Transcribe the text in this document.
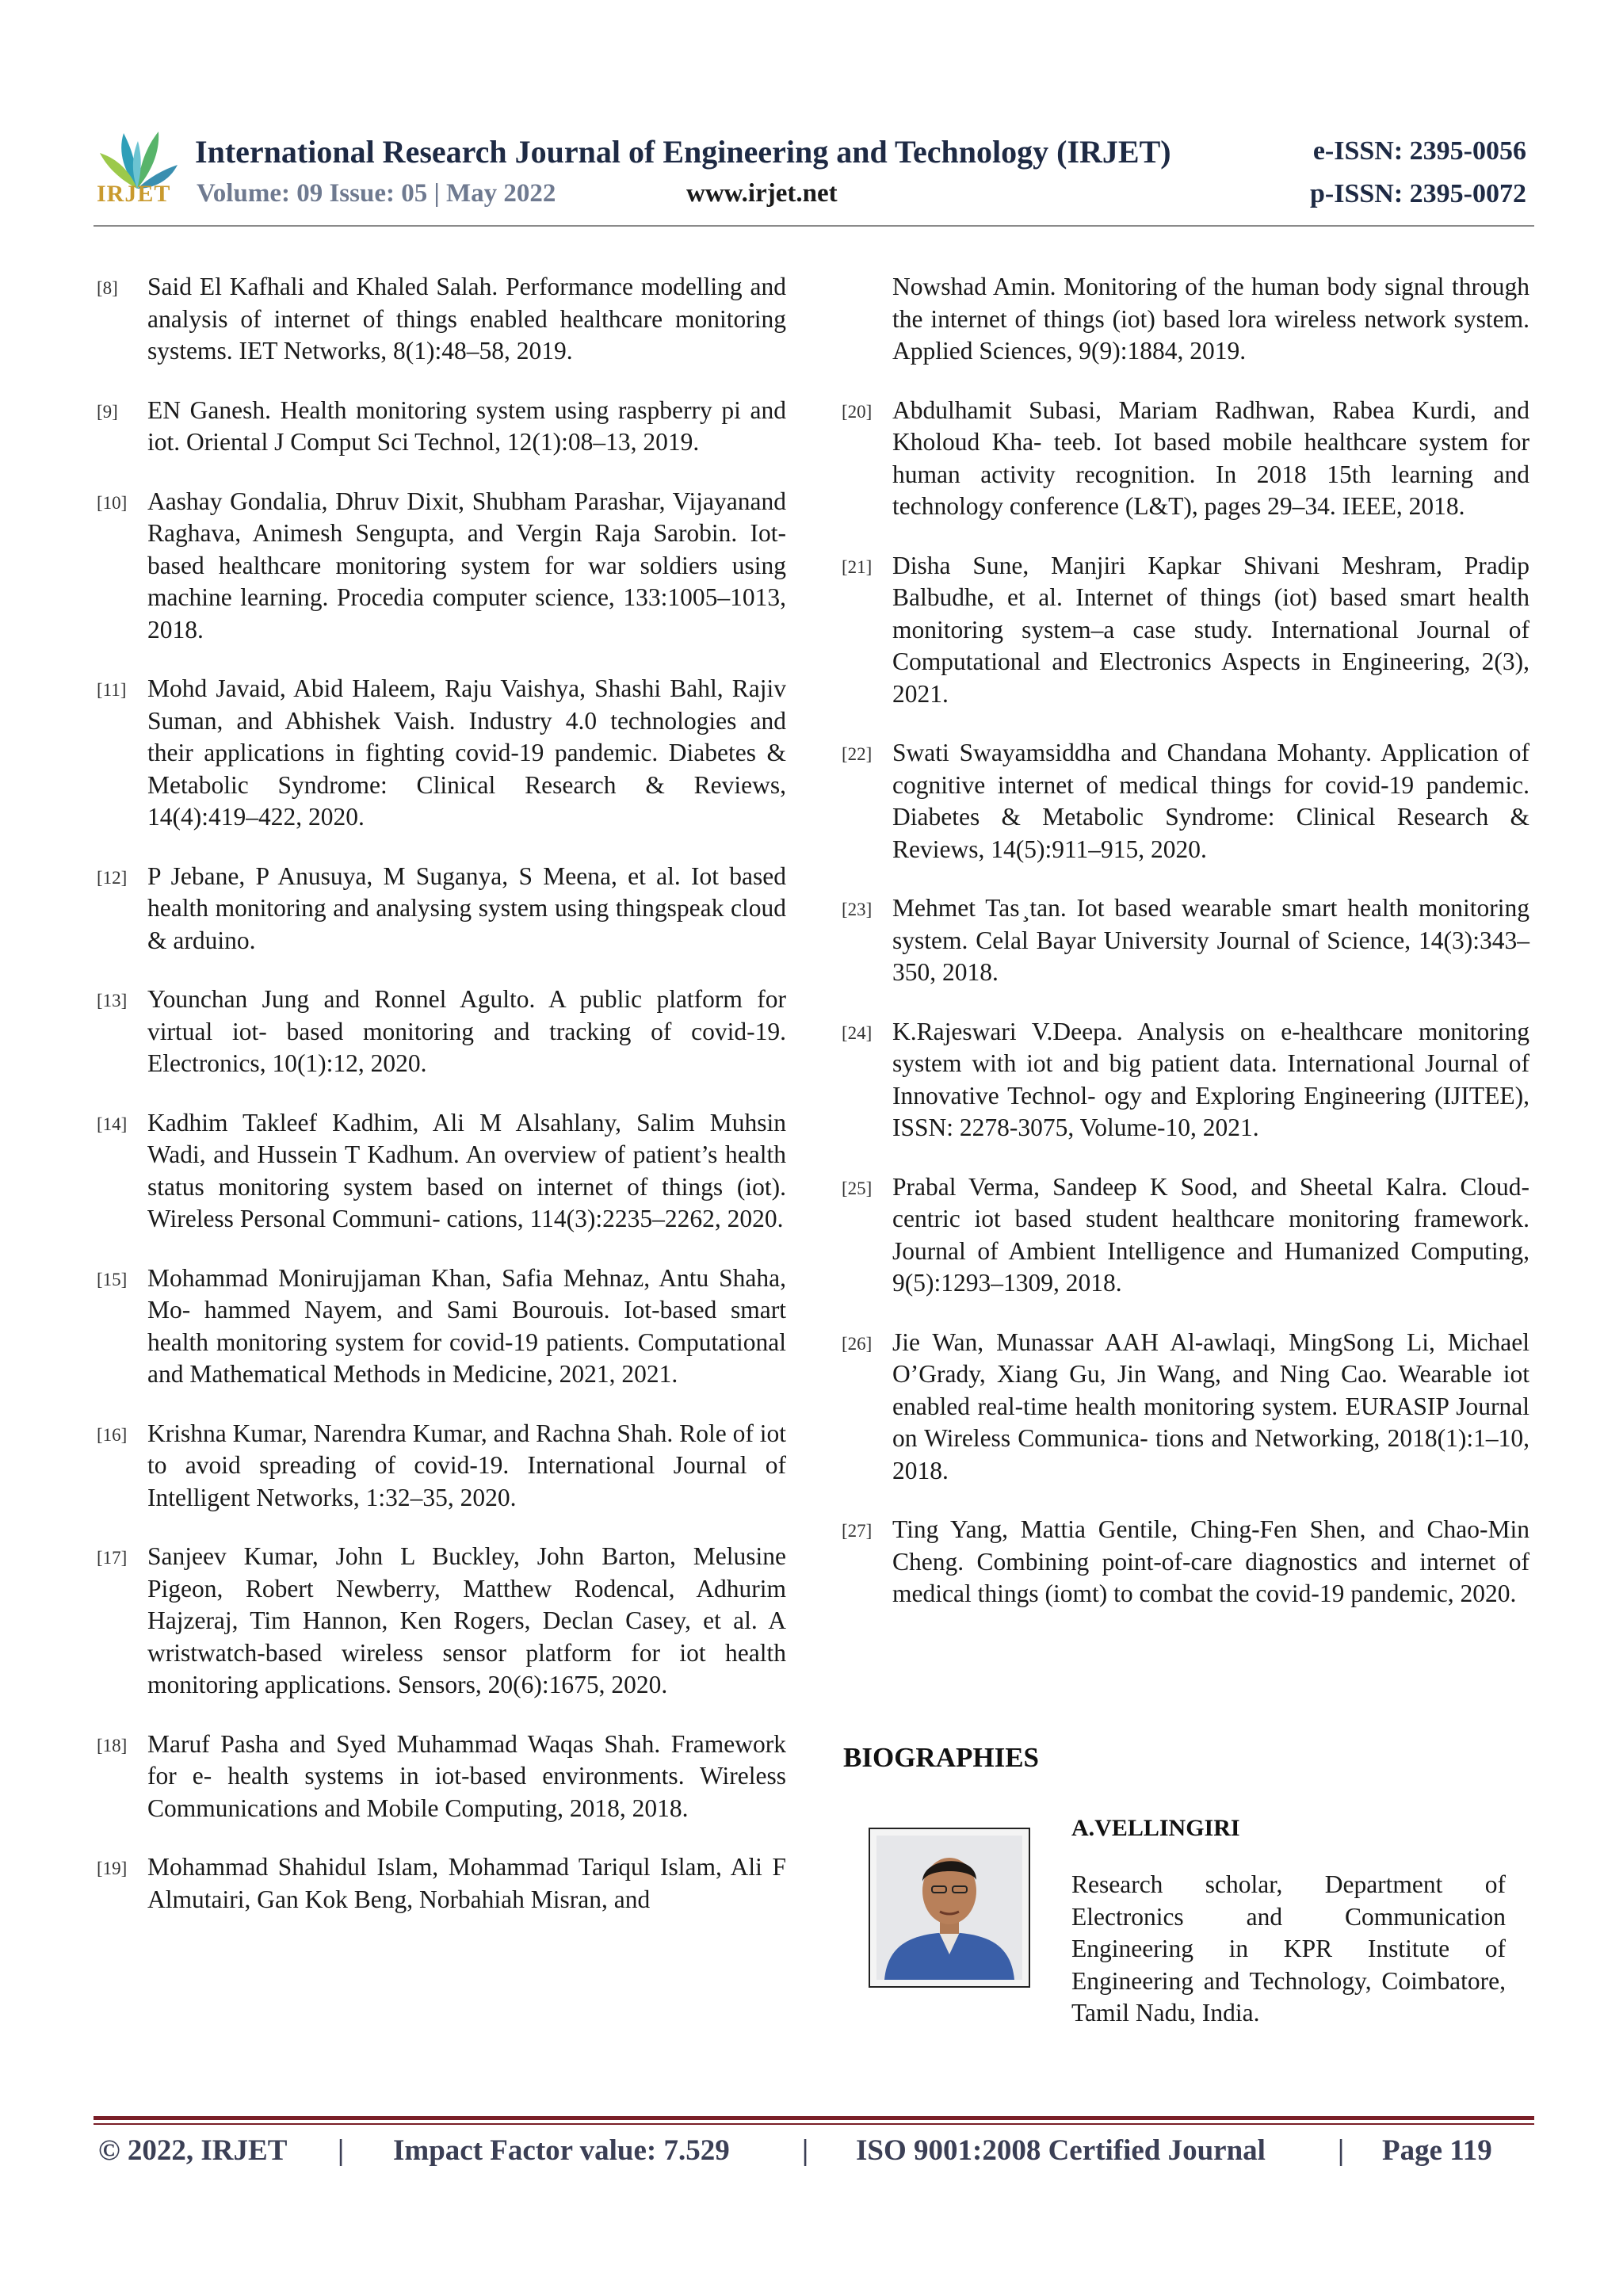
IRJET
International Research Journal of Engineering and Technology (IRJET)
Volume: 09 Issue: 05 | May 2022	www.irjet.net
e-ISSN: 2395-0056
p-ISSN: 2395-0072
[8]	Said El Kafhali and Khaled Salah. Performance modelling and analysis of internet of things enabled healthcare monitoring systems. IET Networks, 8(1):48–58, 2019.
[9]	EN Ganesh. Health monitoring system using raspberry pi and iot. Oriental J Comput Sci Technol, 12(1):08–13, 2019.
[10] Aashay Gondalia, Dhruv Dixit, Shubham Parashar, Vijayanand Raghava, Animesh Sengupta, and Vergin Raja Sarobin. Iot-based healthcare monitoring system for war soldiers using machine learning. Procedia computer science, 133:1005–1013, 2018.
[11] Mohd Javaid, Abid Haleem, Raju Vaishya, Shashi Bahl, Rajiv Suman, and Abhishek Vaish. Industry 4.0 technologies and their applications in fighting covid-19 pandemic. Diabetes & Metabolic Syndrome: Clinical Research & Reviews, 14(4):419–422, 2020.
[12] P Jebane, P Anusuya, M Suganya, S Meena, et al. Iot based health monitoring and analysing system using thingspeak cloud & arduino.
[13] Younchan Jung and Ronnel Agulto. A public platform for virtual iot- based monitoring and tracking of covid-19. Electronics, 10(1):12, 2020.
[14] Kadhim Takleef Kadhim, Ali M Alsahlany, Salim Muhsin Wadi, and Hussein T Kadhum. An overview of patient’s health status monitoring system based on internet of things (iot). Wireless Personal Communi- cations, 114(3):2235–2262, 2020.
[15] Mohammad Monirujjaman Khan, Safia Mehnaz, Antu Shaha, Mo- hammed Nayem, and Sami Bourouis. Iot-based smart health monitoring system for covid-19 patients. Computational and Mathematical Methods in Medicine, 2021, 2021.
[16] Krishna Kumar, Narendra Kumar, and Rachna Shah. Role of iot to avoid spreading of covid-19. International Journal of Intelligent Networks, 1:32–35, 2020.
[17] Sanjeev Kumar, John L Buckley, John Barton, Melusine Pigeon, Robert Newberry, Matthew Rodencal, Adhurim Hajzeraj, Tim Hannon, Ken Rogers, Declan Casey, et al. A wristwatch-based wireless sensor platform for iot health monitoring applications. Sensors, 20(6):1675, 2020.
[18] Maruf Pasha and Syed Muhammad Waqas Shah. Framework for e- health systems in iot-based environments. Wireless Communications and Mobile Computing, 2018, 2018.
[19] Mohammad Shahidul Islam, Mohammad Tariqul Islam, Ali F Almutairi, Gan Kok Beng, Norbahiah Misran, and
Nowshad Amin. Monitoring of the human body signal through the internet of things (iot) based lora wireless network system. Applied Sciences, 9(9):1884, 2019.
[20] Abdulhamit Subasi, Mariam Radhwan, Rabea Kurdi, and Kholoud Kha- teeb. Iot based mobile healthcare system for human activity recognition. In 2018 15th learning and technology conference (L&T), pages 29–34. IEEE, 2018.
[21] Disha Sune, Manjiri Kapkar Shivani Meshram, Pradip Balbudhe, et al. Internet of things (iot) based smart health monitoring system–a case study. International Journal of Computational and Electronics Aspects in Engineering, 2(3), 2021.
[22] Swati Swayamsiddha and Chandana Mohanty. Application of cognitive internet of medical things for covid-19 pandemic. Diabetes & Metabolic Syndrome: Clinical Research & Reviews, 14(5):911–915, 2020.
[23] Mehmet Tas ̧tan. Iot based wearable smart health monitoring system. Celal Bayar University Journal of Science, 14(3):343–350, 2018.
[24] K.Rajeswari V.Deepa. Analysis on e-healthcare monitoring system with iot and big patient data. International Journal of Innovative Technol- ogy and Exploring Engineering (IJITEE), ISSN: 2278-3075, Volume-10, 2021.
[25] Prabal Verma, Sandeep K Sood, and Sheetal Kalra. Cloud-centric iot based student healthcare monitoring framework. Journal of Ambient Intelligence and Humanized Computing, 9(5):1293–1309, 2018.
[26] Jie Wan, Munassar AAH Al-awlaqi, MingSong Li, Michael O’Grady, Xiang Gu, Jin Wang, and Ning Cao. Wearable iot enabled real-time health monitoring system. EURASIP Journal on Wireless Communica- tions and Networking, 2018(1):1–10, 2018.
[27] Ting Yang, Mattia Gentile, Ching-Fen Shen, and Chao-Min Cheng. Combining point-of-care diagnostics and internet of medical things (iomt) to combat the covid-19 pandemic, 2020.
BIOGRAPHIES
A.VELLINGIRI
Research scholar, Department of Electronics and Communication Engineering in KPR Institute of Engineering and Technology, Coimbatore, Tamil Nadu, India.
© 2022, IRJET | Impact Factor value: 7.529 | ISO 9001:2008 Certified Journal | Page 119
